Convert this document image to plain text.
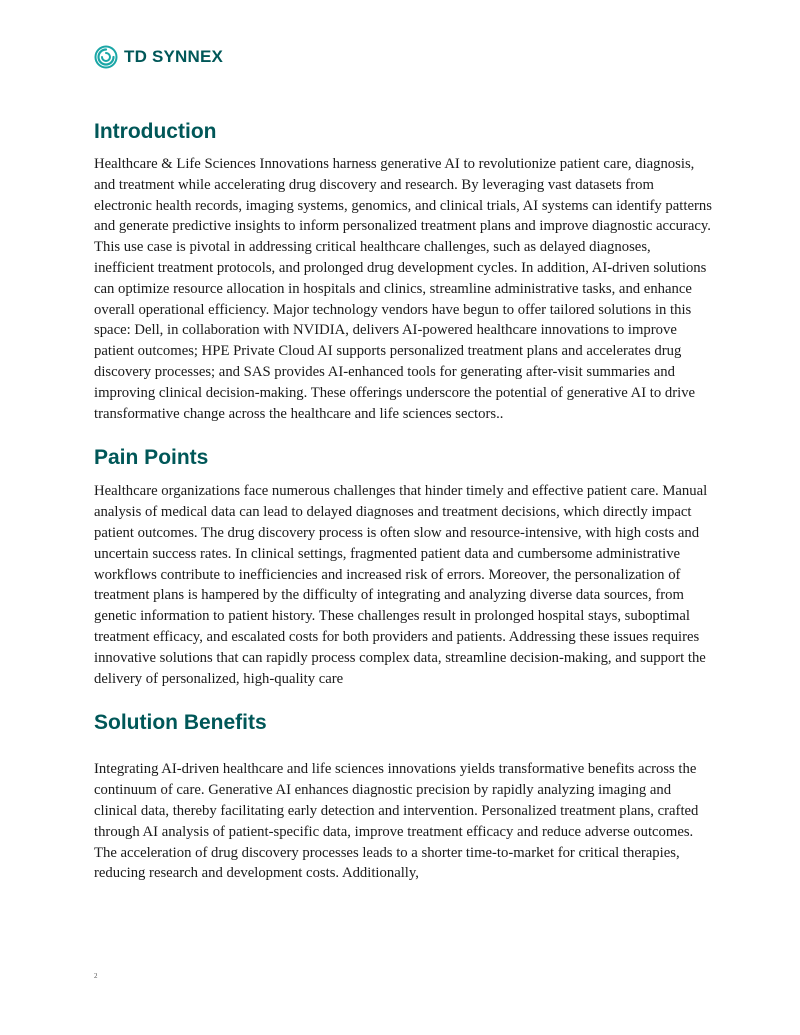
TD SYNNEX
Introduction

Healthcare & Life Sciences Innovations harness generative AI to revolutionize patient care, diagnosis, and treatment while accelerating drug discovery and research. By leveraging vast datasets from electronic health records, imaging systems, genomics, and clinical trials, AI systems can identify patterns and generate predictive insights to inform personalized treatment plans and improve diagnostic accuracy. This use case is pivotal in addressing critical healthcare challenges, such as delayed diagnoses, inefficient treatment protocols, and prolonged drug development cycles. In addition, AI-driven solutions can optimize resource allocation in hospitals and clinics, streamline administrative tasks, and enhance overall operational efficiency. Major technology vendors have begun to offer tailored solutions in this space: Dell, in collaboration with NVIDIA, delivers AI-powered healthcare innovations to improve patient outcomes; HPE Private Cloud AI supports personalized treatment plans and accelerates drug discovery processes; and SAS provides AI-enhanced tools for generating after-visit summaries and improving clinical decision-making. These offerings underscore the potential of generative AI to drive transformative change across the healthcare and life sciences sectors..

Pain Points

Healthcare organizations face numerous challenges that hinder timely and effective patient care. Manual analysis of medical data can lead to delayed diagnoses and treatment decisions, which directly impact patient outcomes. The drug discovery process is often slow and resource-intensive, with high costs and uncertain success rates. In clinical settings, fragmented patient data and cumbersome administrative workflows contribute to inefficiencies and increased risk of errors. Moreover, the personalization of treatment plans is hampered by the difficulty of integrating and analyzing diverse data sources, from genetic information to patient history. These challenges result in prolonged hospital stays, suboptimal treatment efficacy, and escalated costs for both providers and patients. Addressing these issues requires innovative solutions that can rapidly process complex data, streamline decision-making, and support the delivery of personalized, high-quality care

Solution Benefits

Integrating AI-driven healthcare and life sciences innovations yields transformative benefits across the continuum of care. Generative AI enhances diagnostic precision by rapidly analyzing imaging and clinical data, thereby facilitating early detection and intervention. Personalized treatment plans, crafted through AI analysis of patient-specific data, improve treatment efficacy and reduce adverse outcomes. The acceleration of drug discovery processes leads to a shorter time-to-market for critical therapies, reducing research and development costs. Additionally,

2
